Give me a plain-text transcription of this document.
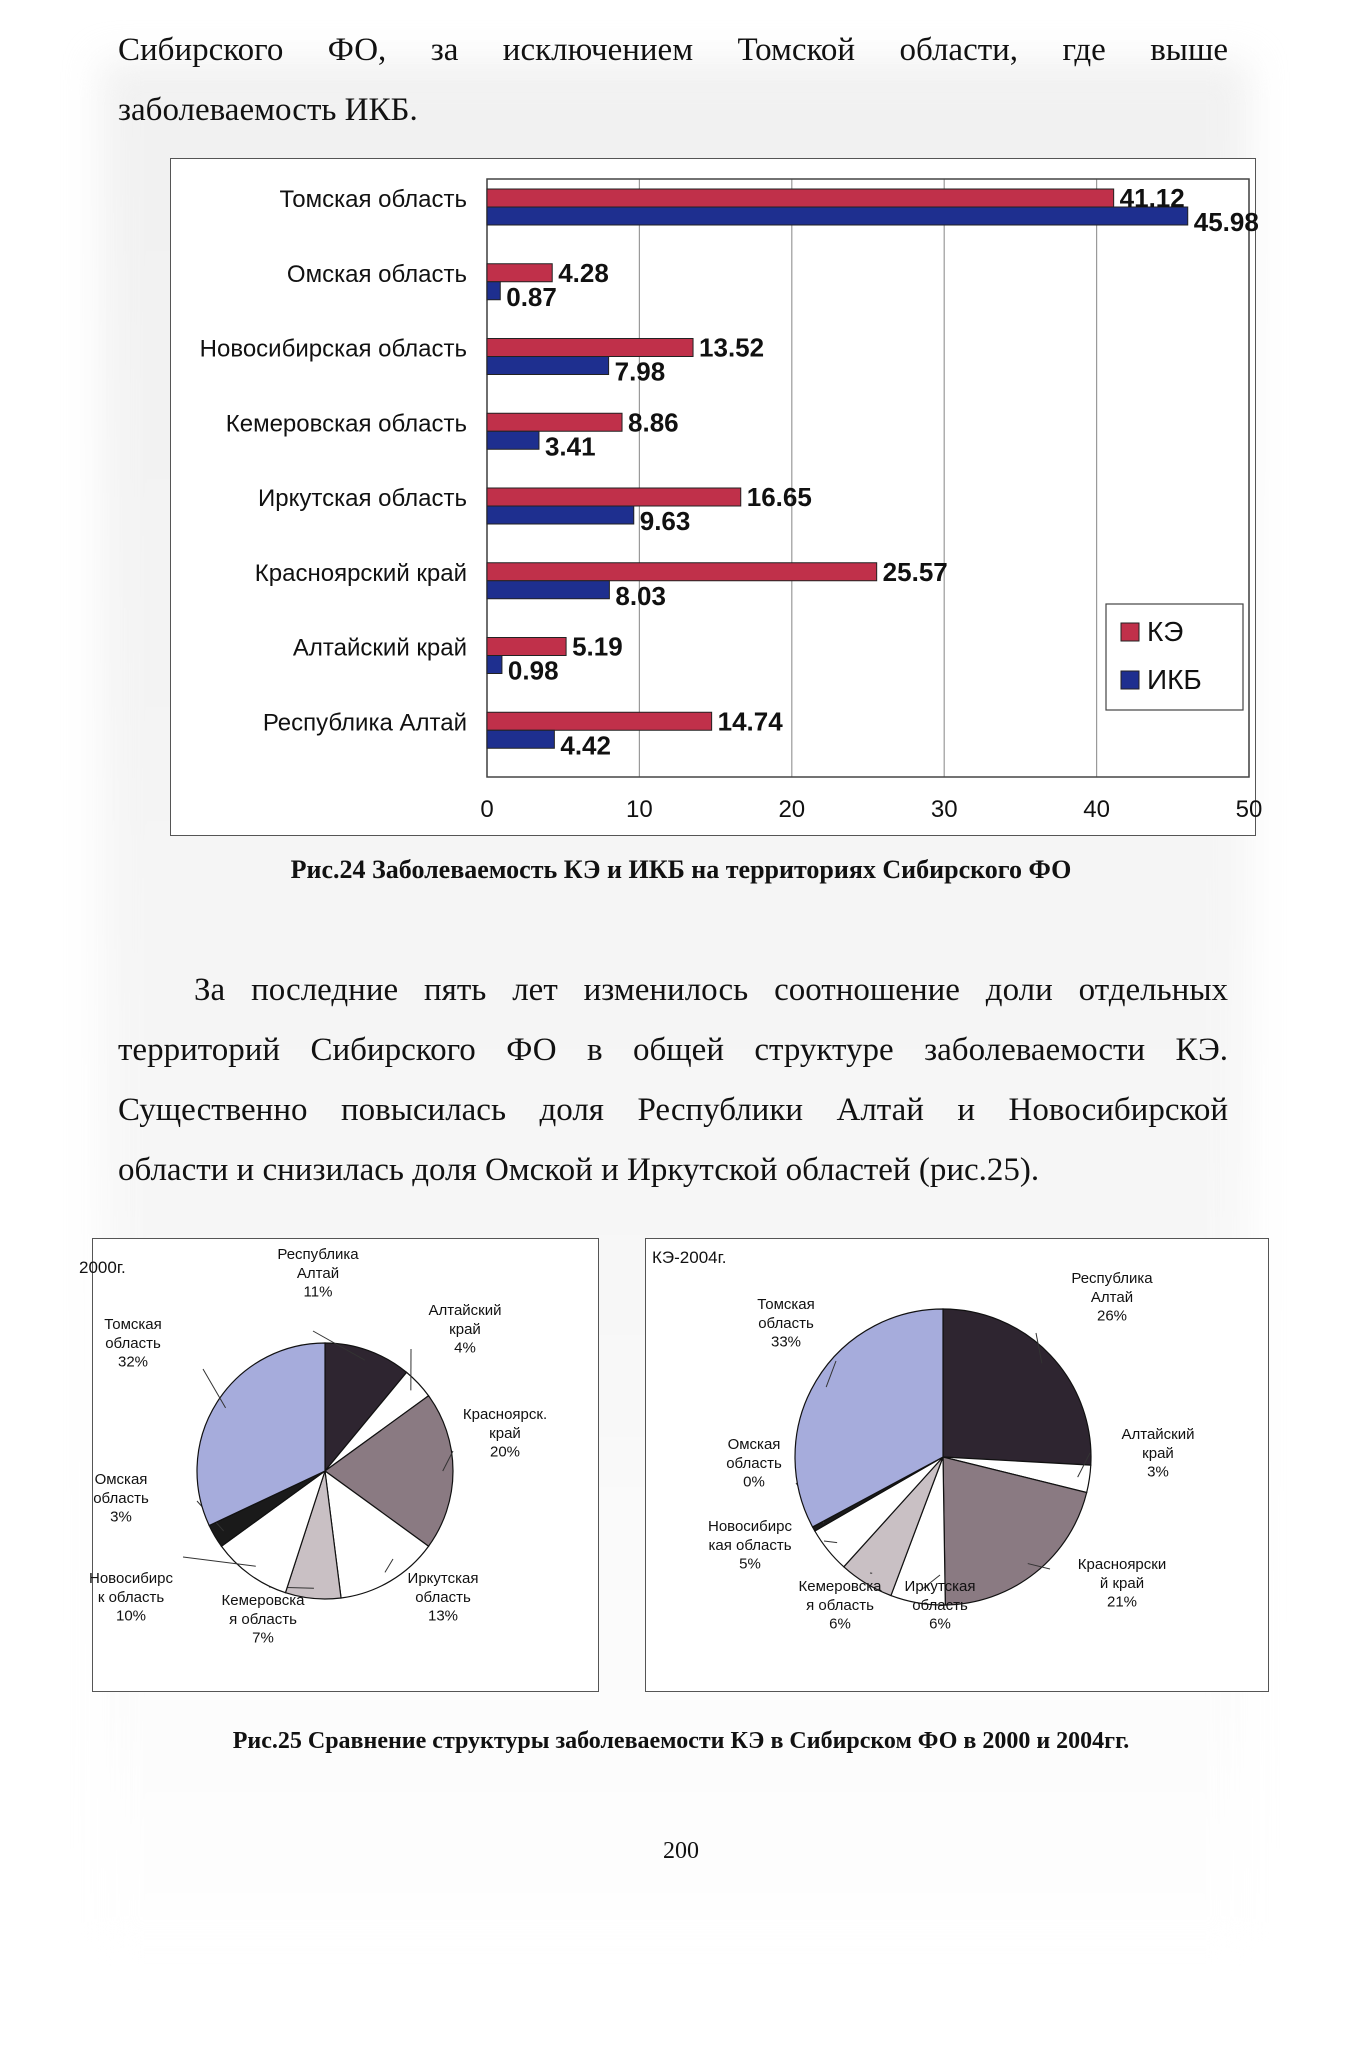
Сибирского ФО, за исключением Томской области, где выше
заболеваемость ИКБ.
0	10	20	30	40	50
Томская область	41.12
45.98
Омская область	4.28
0.87
Новосибирская область	13.52
7.98
Кемеровская область	8.86
3.41
Иркутская область	16.65
9.63
Красноярский край	25.57
8.03
Алтайский край	5.19
0.98
Республика Алтай	14.74
4.42
КЭ
ИКБ
Рис.24 Заболеваемость КЭ и ИКБ на территориях Сибирского ФО
За последние пять лет изменилось соотношение доли отдельных
территорий Сибирского ФО в общей структуре заболеваемости КЭ.
Существенно повысилась доля Республики Алтай и Новосибирской
области и снизилась доля Омской и Иркутской областей (рис.25).
2000г.
Республика Алтай 11%
Алтайский край 4%
Красноярск. край 20%
Иркутская область 13%
Кемеровска я область 7%
Новосибирс к область 10%
Омская область 3%
Томская область 32%
КЭ-2004г.
Республика Алтай 26%
Алтайский край 3%
Красноярски й край 21%
Иркутская область 6%
Кемеровска я область 6%
Новосибирс кая область 5%
Омская область 0%
Томская область 33%
Рис.25 Сравнение структуры заболеваемости КЭ в Сибирском ФО в 2000 и 2004гг.
200
